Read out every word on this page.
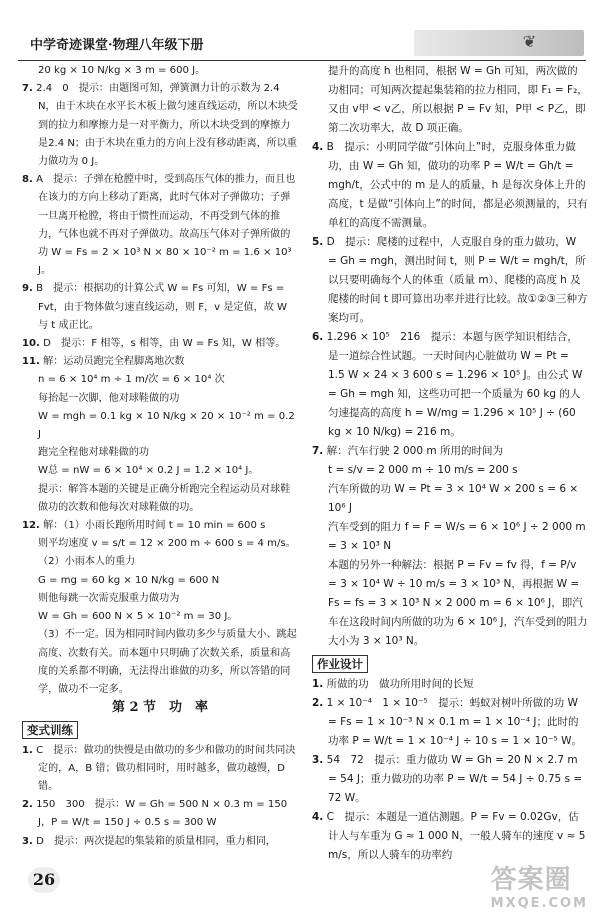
中学奇迹课堂·物理八年级下册	❦

20 kg × 10 N/kg × 3 m = 600 J。

7. 2.4　0　提示：由题图可知，弹簧测力计的示数为 2.4 N，由于木块在水平长木板上做匀速直线运动，所以木块受到的拉力和摩擦力是一对平衡力，所以木块受到的摩擦力是2.4 N；由于木块在重力的方向上没有移动距离，所以重力做功为 0 J。

8. A　提示：子弹在枪膛中时，受到高压气体的推力，而且也在该力的方向上移动了距离，此时气体对子弹做功；子弹一旦离开枪膛，将由于惯性而运动，不再受到气体的推力，气体也就不再对子弹做功。故高压气体对子弹所做的功 W = Fs = 2 × 10³ N × 80 × 10⁻² m = 1.6 × 10³ J。

9. B　提示：根据功的计算公式 W = Fs 可知，W = Fs = Fvt，由于物体做匀速直线运动，则 F，v 是定值，故 W 与 t 成正比。

10. D　提示：F 相等，s 相等，由 W = Fs 知，W 相等。

11. 解：运动员跑完全程脚离地次数

n = 6 × 10⁴ m ÷ 1 m/次 = 6 × 10⁴ 次

每抬起一次脚，他对球鞋做的功

W = mgh = 0.1 kg × 10 N/kg × 20 × 10⁻² m = 0.2 J

跑完全程他对球鞋做的功

W总 = nW = 6 × 10⁴ × 0.2 J = 1.2 × 10⁴ J。

提示：解答本题的关键是正确分析跑完全程运动员对球鞋做功的次数和他每次对球鞋做的功。

12. 解：（1）小雨长跑所用时间 t = 10 min = 600 s

则平均速度 v = s/t = 12 × 200 m ÷ 600 s = 4 m/s。

（2）小雨本人的重力

G = mg = 60 kg × 10 N/kg = 600 N

则他每跳一次需克服重力做功为

W = Gh = 600 N × 5 × 10⁻² m = 30 J。

（3）不一定。因为相同时间内做功多少与质量大小、跳起高度、次数有关。而本题中只明确了次数关系，质量和高度的关系都不明确，无法得出谁做的功多，所以答错的同学，做功不一定多。

第 2 节　功　率

变式训练

1. C　提示：做功的快慢是由做功的多少和做功的时间共同决定的，A，B 错；做功相同时，用时越多，做功越慢，D 错。

2. 150　300　提示：W = Gh = 500 N × 0.3 m = 150 J，P = W/t = 150 J ÷ 0.5 s = 300 W

3. D　提示：两次提起的集装箱的质量相同，重力相同，

提升的高度 h 也相同，根据 W = Gh 可知，两次做的功相同；可知两次提起集装箱的拉力相同，即 F₁ = F₂，又由 v甲 < v乙，所以根据 P = Fv 知，P甲 < P乙，即第二次功率大，故 D 项正确。

4. B　提示：小明同学做“引体向上”时，克服身体重力做功，由 W = Gh 知，做功的功率 P = W/t = Gh/t = mgh/t，公式中的 m 是人的质量，h 是每次身体上升的高度，t 是做“引体向上”的时间，都是必须测量的，只有单杠的高度不需测量。

5. D　提示：爬楼的过程中，人克服自身的重力做功，W = Gh = mgh，测出时间 t，则 P = W/t = mgh/t，所以只要明确每个人的体重（质量 m）、爬楼的高度 h 及爬楼的时间 t 即可算出功率并进行比较。故①②③三种方案均可。

6. 1.296 × 10⁵　216　提示：本题与医学知识相结合，是一道综合性试题。一天时间内心脏做功 W = Pt = 1.5 W × 24 × 3 600 s = 1.296 × 10⁵ J。由公式 W = Gh = mgh 知，这些功可把一个质量为 60 kg 的人匀速提高的高度 h = W/mg = 1.296 × 10⁵ J ÷ (60 kg × 10 N/kg) = 216 m。

7. 解：汽车行驶 2 000 m 所用的时间为

t = s/v = 2 000 m ÷ 10 m/s = 200 s

汽车所做的功 W = Pt = 3 × 10⁴ W × 200 s = 6 × 10⁶ J

汽车受到的阻力 f = F = W/s = 6 × 10⁶ J ÷ 2 000 m = 3 × 10³ N

本题的另外一种解法：根据 P = Fv = fv 得，f = P/v = 3 × 10⁴ W ÷ 10 m/s = 3 × 10³ N，再根据 W = Fs = fs = 3 × 10³ N × 2 000 m = 6 × 10⁶ J，即汽车在这段时间内所做的功为 6 × 10⁶ J，汽车受到的阻力大小为 3 × 10³ N。

作业设计

1. 所做的功　做功所用时间的长短

2. 1 × 10⁻⁴　1 × 10⁻⁵　提示：蚂蚁对树叶所做的功 W = Fs = 1 × 10⁻³ N × 0.1 m = 1 × 10⁻⁴ J；此时的功率 P = W/t = 1 × 10⁻⁴ J ÷ 10 s = 1 × 10⁻⁵ W。

3. 54　72　提示：重力做功 W = Gh = 20 N × 2.7 m = 54 J；重力做功的功率 P = W/t = 54 J ÷ 0.75 s = 72 W。

4. C　提示：本题是一道估测题。P = Fv = 0.02Gv，估计人与车重为 G ≈ 1 000 N，一般人骑车的速度 v ≈ 5 m/s，所以人骑车的功率约

26	答案圈
MXQE.COM
